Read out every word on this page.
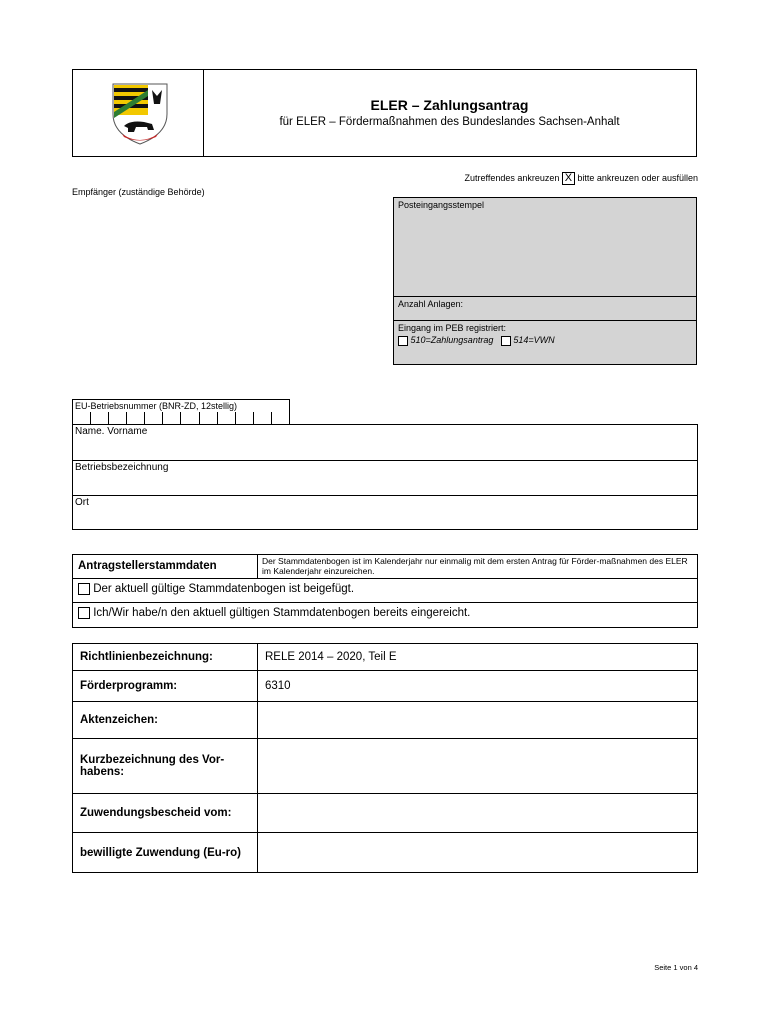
ELER – Zahlungsantrag
für ELER – Fördermaßnahmen des Bundeslandes Sachsen-Anhalt
Zutreffendes ankreuzen X bitte ankreuzen oder ausfüllen
Empfänger (zuständige Behörde)
Posteingangsstempel
Anzahl Anlagen:
Eingang im PEB registriert:
510=Zahlungsantrag 514=VWN
EU-Betriebsnummer (BNR-ZD, 12stellig)
Name. Vorname
Betriebsbezeichnung
Ort
Antragstellerstammdaten	Der Stammdatenbogen ist im Kalenderjahr nur einmalig mit dem ersten Antrag für Förder-maßnahmen des ELER im Kalenderjahr einzureichen.
Der aktuell gültige Stammdatenbogen ist beigefügt.
Ich/Wir habe/n den aktuell gültigen Stammdatenbogen bereits eingereicht.
Richtlinienbezeichnung:	RELE 2014 – 2020, Teil E
Förderprogramm:	6310
Aktenzeichen:	
Kurzbezeichnung des Vor-habens:	
Zuwendungsbescheid vom:	
bewilligte Zuwendung (Eu-ro)	
Seite 1 von 4
